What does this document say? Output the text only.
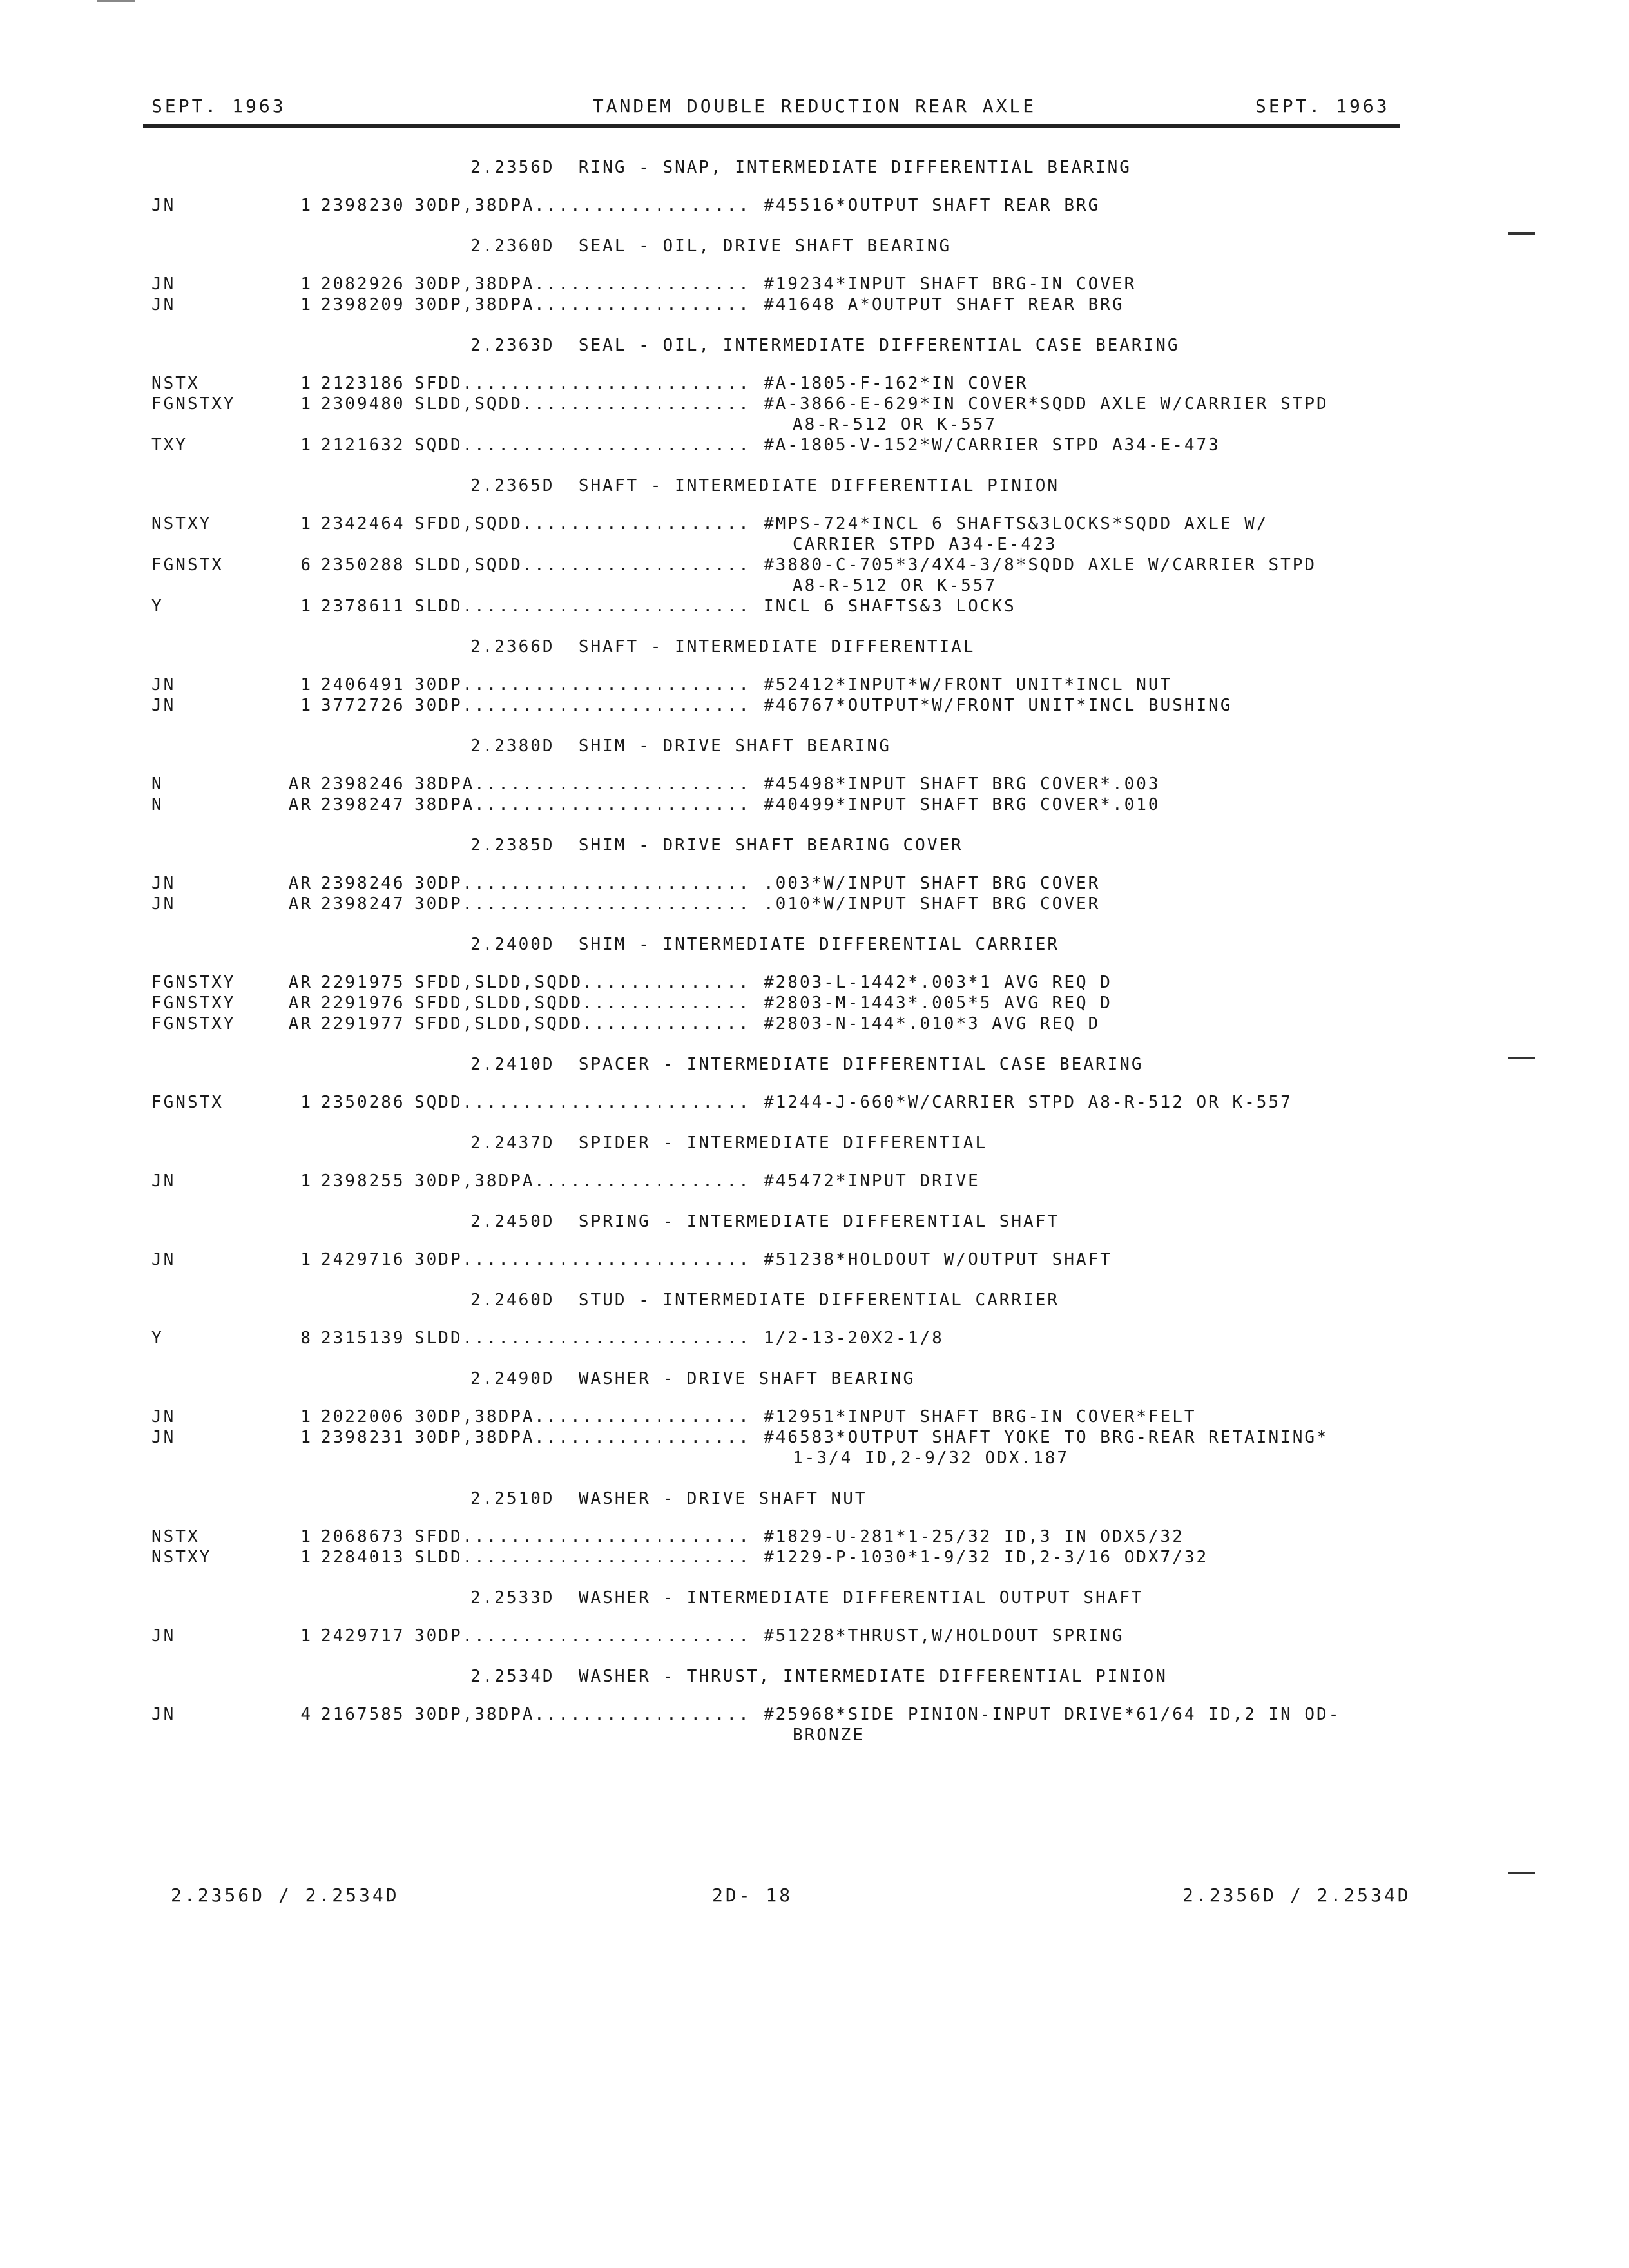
SEPT. 1963	TANDEM DOUBLE REDUCTION REAR AXLE	SEPT. 1963
2.2356D  RING - SNAP, INTERMEDIATE DIFFERENTIAL BEARING
JN	1 2398230 30DP,38DPA	#45516*OUTPUT SHAFT REAR BRG
..................
2.2360D  SEAL - OIL, DRIVE SHAFT BEARING
JN	1 2082926 30DP,38DPA	#19234*INPUT SHAFT BRG-IN COVER
..................
JN	1 2398209 30DP,38DPA	#41648 A*OUTPUT SHAFT REAR BRG
..................
2.2363D  SEAL - OIL, INTERMEDIATE DIFFERENTIAL CASE BEARING
NSTX	1 2123186 SFDD	#A-1805-F-162*IN COVER
........................
FGNSTXY	1 2309480 SLDD,SQDD	#A-3866-E-629*IN COVER*SQDD AXLE W/CARRIER STPD
...................
A8-R-512 OR K-557
TXY	1 2121632 SQDD	#A-1805-V-152*W/CARRIER STPD A34-E-473
........................
2.2365D  SHAFT - INTERMEDIATE DIFFERENTIAL PINION
NSTXY	1 2342464 SFDD,SQDD	#MPS-724*INCL 6 SHAFTS&3LOCKS*SQDD AXLE W/
...................
CARRIER STPD A34-E-423
FGNSTX	6 2350288 SLDD,SQDD	#3880-C-705*3/4X4-3/8*SQDD AXLE W/CARRIER STPD
...................
A8-R-512 OR K-557
Y	1 2378611 SLDD	INCL 6 SHAFTS&3 LOCKS
........................
2.2366D  SHAFT - INTERMEDIATE DIFFERENTIAL
JN	1 2406491 30DP	#52412*INPUT*W/FRONT UNIT*INCL NUT
........................
JN	1 3772726 30DP	#46767*OUTPUT*W/FRONT UNIT*INCL BUSHING
........................
2.2380D  SHIM - DRIVE SHAFT BEARING
N	AR 2398246 38DPA	#45498*INPUT SHAFT BRG COVER*.003
.......................
N	AR 2398247 38DPA	#40499*INPUT SHAFT BRG COVER*.010
.......................
2.2385D  SHIM - DRIVE SHAFT BEARING COVER
JN	AR 2398246 30DP	.003*W/INPUT SHAFT BRG COVER
........................
JN	AR 2398247 30DP	.010*W/INPUT SHAFT BRG COVER
........................
2.2400D  SHIM - INTERMEDIATE DIFFERENTIAL CARRIER
FGNSTXY	AR 2291975 SFDD,SLDD,SQDD	#2803-L-1442*.003*1 AVG REQ D
..............
FGNSTXY	AR 2291976 SFDD,SLDD,SQDD	#2803-M-1443*.005*5 AVG REQ D
..............
FGNSTXY	AR 2291977 SFDD,SLDD,SQDD	#2803-N-144*.010*3 AVG REQ D
..............
2.2410D  SPACER - INTERMEDIATE DIFFERENTIAL CASE BEARING
FGNSTX	1 2350286 SQDD	#1244-J-660*W/CARRIER STPD A8-R-512 OR K-557
........................
2.2437D  SPIDER - INTERMEDIATE DIFFERENTIAL
JN	1 2398255 30DP,38DPA	#45472*INPUT DRIVE
..................
2.2450D  SPRING - INTERMEDIATE DIFFERENTIAL SHAFT
JN	1 2429716 30DP	#51238*HOLDOUT W/OUTPUT SHAFT
........................
2.2460D  STUD - INTERMEDIATE DIFFERENTIAL CARRIER
Y	8 2315139 SLDD	1/2-13-20X2-1/8
........................
2.2490D  WASHER - DRIVE SHAFT BEARING
JN	1 2022006 30DP,38DPA	#12951*INPUT SHAFT BRG-IN COVER*FELT
..................
JN	1 2398231 30DP,38DPA	#46583*OUTPUT SHAFT YOKE TO BRG-REAR RETAINING*
..................
1-3/4 ID,2-9/32 ODX.187
2.2510D  WASHER - DRIVE SHAFT NUT
NSTX	1 2068673 SFDD	#1829-U-281*1-25/32 ID,3 IN ODX5/32
........................
NSTXY	1 2284013 SLDD	#1229-P-1030*1-9/32 ID,2-3/16 ODX7/32
........................
2.2533D  WASHER - INTERMEDIATE DIFFERENTIAL OUTPUT SHAFT
JN	1 2429717 30DP	#51228*THRUST,W/HOLDOUT SPRING
........................
2.2534D  WASHER - THRUST, INTERMEDIATE DIFFERENTIAL PINION
JN	4 2167585 30DP,38DPA	#25968*SIDE PINION-INPUT DRIVE*61/64 ID,2 IN OD-
..................
BRONZE
2.2356D / 2.2534D	2D- 18	2.2356D / 2.2534D
